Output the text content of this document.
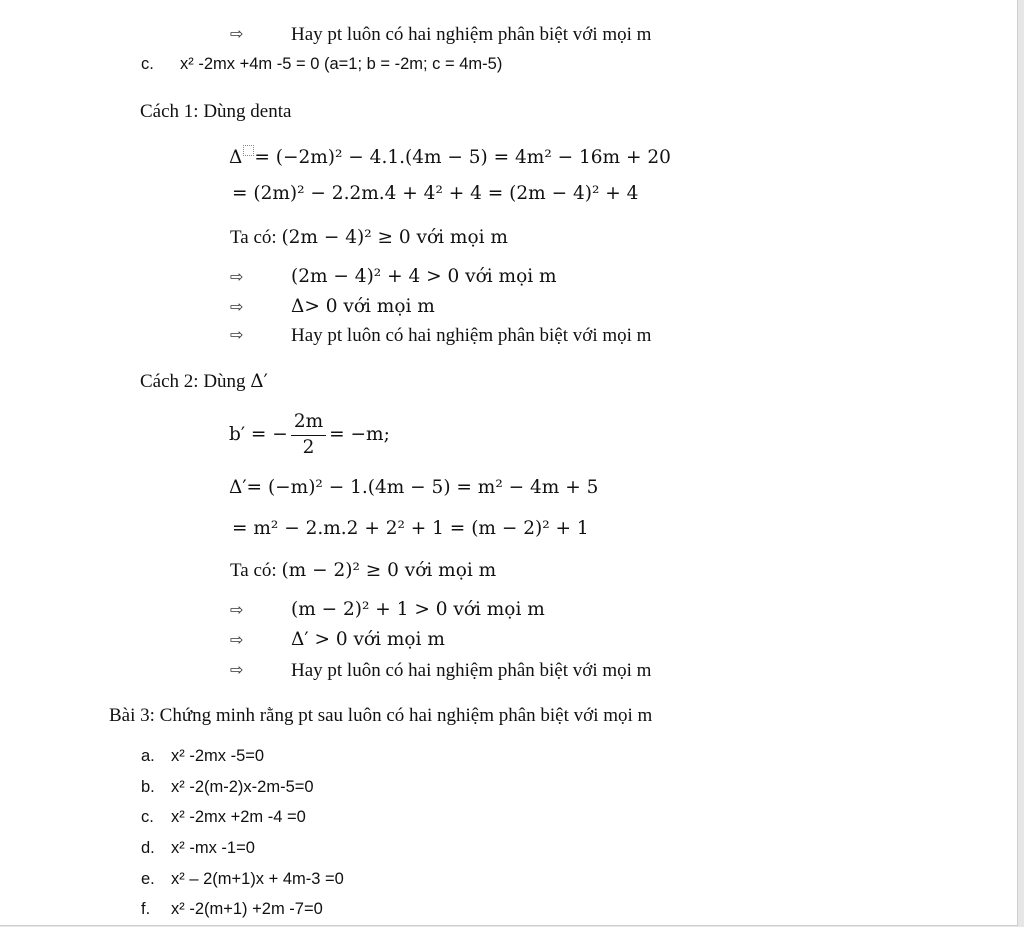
⇨	Hay pt luôn có hai nghiệm phân biệt với mọi m
c. x² -2mx +4m -5 = 0 (a=1; b = -2m; c = 4m-5)
Cách 1: Dùng denta
Δ = (−2m)² − 4.1.(4m − 5) = 4m² − 16m + 20
= (2m)² − 2.2m.4 + 4² + 4 = (2m − 4)² + 4
Ta có: (2m − 4)² ≥ 0 với mọi m
⇨	(2m − 4)² + 4 > 0 với mọi m
⇨	Δ> 0 với mọi m
⇨	Hay pt luôn có hai nghiệm phân biệt với mọi m
Cách 2: Dùng Δ′
b′ = − $\frac{2m}{2} = -m$;
Δ′= (−m)² − 1.(4m − 5) = m² − 4m + 5
= m² − 2.m.2 + 2² + 1 = (m − 2)² + 1
Ta có: (m − 2)² ≥ 0 với mọi m
⇨	(m − 2)² + 1 > 0 với mọi m
⇨	Δ′ > 0 với mọi m
⇨	Hay pt luôn có hai nghiệm phân biệt với mọi m
Bài 3: Chứng minh rằng pt sau luôn có hai nghiệm phân biệt với mọi m
a. x² -2mx -5=0
b. x² -2(m-2)x-2m-5=0
c. x² -2mx +2m -4 =0
d. x² -mx -1=0
e. x² – 2(m+1)x + 4m-3 =0
f. x² -2(m+1) +2m -7=0
